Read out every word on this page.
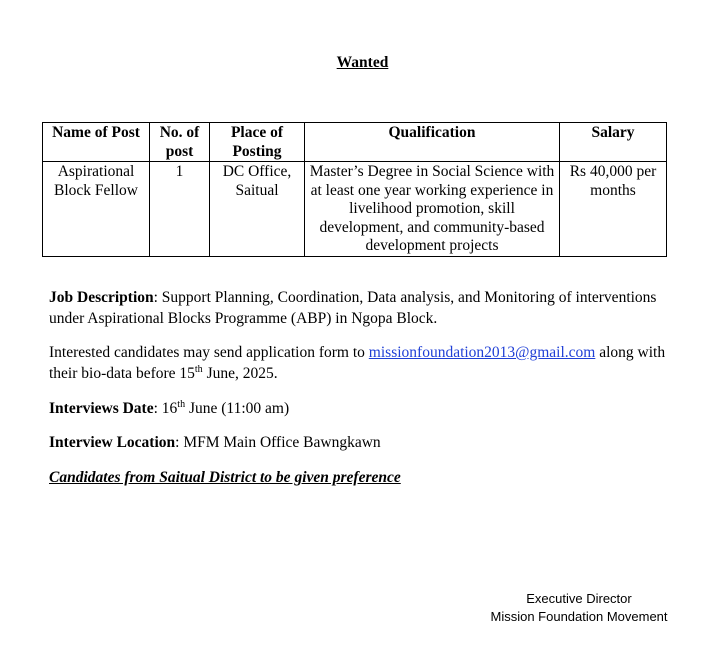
Wanted
Name of Post	No. of post	Place of Posting	Qualification	Salary
Aspirational Block Fellow	1	DC Office, Saitual	Master’s Degree in Social Science with at least one year working experience in livelihood promotion, skill development, and community-based development projects	Rs 40,000 per months

Job Description: Support Planning, Coordination, Data analysis, and Monitoring of interventions under Aspirational Blocks Programme (ABP) in Ngopa Block.

Interested candidates may send application form to missionfoundation2013@gmail.com along with their bio-data before 15th June, 2025.

Interviews Date: 16th June (11:00 am)

Interview Location: MFM Main Office Bawngkawn

Candidates from Saitual District to be given preference

Executive Director
Mission Foundation Movement
